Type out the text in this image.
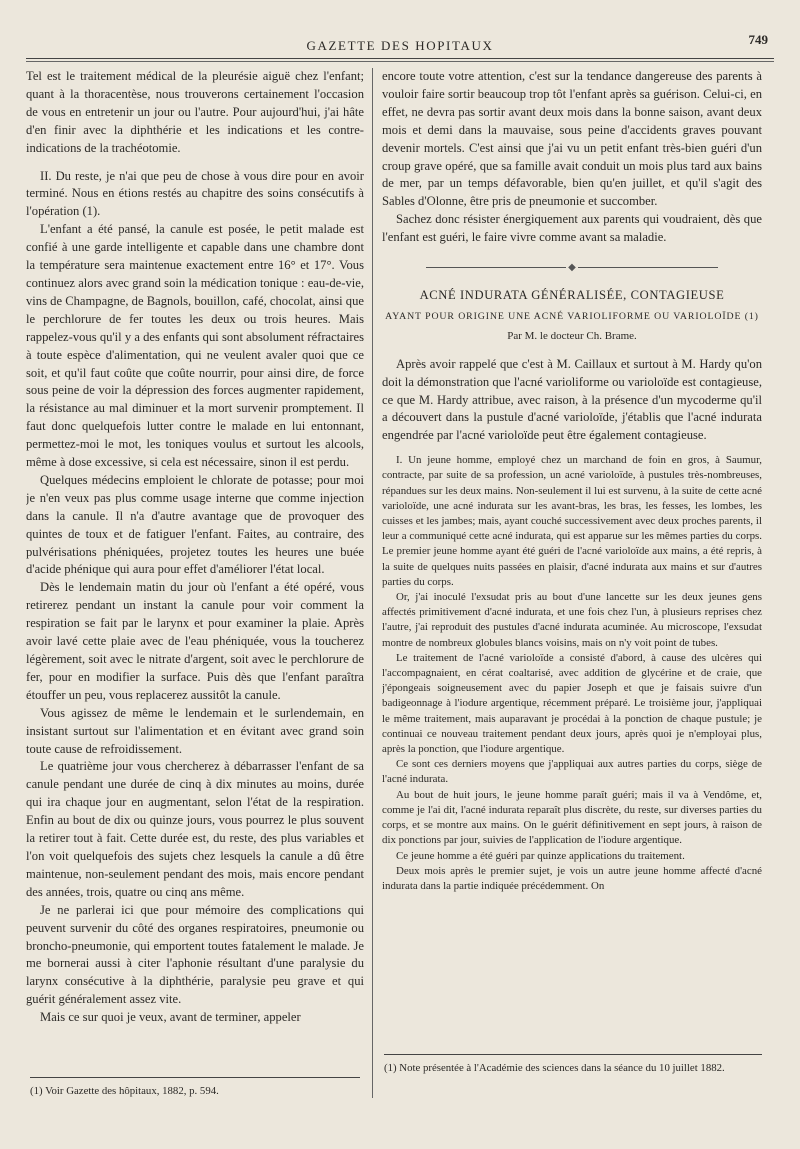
GAZETTE DES HOPITAUX	749

Tel est le traitement médical de la pleurésie aiguë chez l'enfant; quant à la thoracentèse, nous trouverons certainement l'occasion de vous en entretenir un jour ou l'autre. Pour aujourd'hui, j'ai hâte d'en finir avec la diphthérie et les indications et les contre-indications de la trachéotomie.

II. Du reste, je n'ai que peu de chose à vous dire pour en avoir terminé. Nous en étions restés au chapitre des soins consécutifs à l'opération (1).

L'enfant a été pansé, la canule est posée, le petit malade est confié à une garde intelligente et capable dans une chambre dont la température sera maintenue exactement entre 16° et 17°. Vous continuez alors avec grand soin la médication tonique : eau-de-vie, vins de Champagne, de Bagnols, bouillon, café, chocolat, ainsi que le perchlorure de fer toutes les deux ou trois heures. Mais rappelez-vous qu'il y a des enfants qui sont absolument réfractaires à toute espèce d'alimentation, qui ne veulent avaler quoi que ce soit, et qu'il faut coûte que coûte nourrir, pour ainsi dire, de force sous peine de voir la dépression des forces augmenter rapidement, la résistance au mal diminuer et la mort survenir promptement. Il faut donc quelquefois lutter contre le malade en lui entonnant, permettez-moi le mot, les toniques voulus et surtout les alcools, même à dose excessive, si cela est nécessaire, sinon il est perdu.

Quelques médecins emploient le chlorate de potasse; pour moi je n'en veux pas plus comme usage interne que comme injection dans la canule. Il n'a d'autre avantage que de provoquer des quintes de toux et de fatiguer l'enfant. Faites, au contraire, des pulvérisations phéniquées, projetez toutes les heures une buée d'acide phénique qui aura pour effet d'améliorer l'état local.

Dès le lendemain matin du jour où l'enfant a été opéré, vous retirerez pendant un instant la canule pour voir comment la respiration se fait par le larynx et pour examiner la plaie. Après avoir lavé cette plaie avec de l'eau phéniquée, vous la toucherez légèrement, soit avec le nitrate d'argent, soit avec le perchlorure de fer, pour en modifier la surface. Puis dès que l'enfant paraîtra étouffer un peu, vous replacerez aussitôt la canule.

Vous agissez de même le lendemain et le surlendemain, en insistant surtout sur l'alimentation et en évitant avec grand soin toute cause de refroidissement.

Le quatrième jour vous chercherez à débarrasser l'enfant de sa canule pendant une durée de cinq à dix minutes au moins, durée qui ira chaque jour en augmentant, selon l'état de la respiration. Enfin au bout de dix ou quinze jours, vous pourrez le plus souvent la retirer tout à fait. Cette durée est, du reste, des plus variables et l'on voit quelquefois des sujets chez lesquels la canule a dû être maintenue, non-seulement pendant des mois, mais encore pendant des années, trois, quatre ou cinq ans même.

Je ne parlerai ici que pour mémoire des complications qui peuvent survenir du côté des organes respiratoires, pneumonie ou broncho-pneumonie, qui emportent toutes fatalement le malade. Je me bornerai aussi à citer l'aphonie résultant d'une paralysie du larynx consécutive à la diphthérie, paralysie peu grave et qui guérit généralement assez vite.

Mais ce sur quoi je veux, avant de terminer, appeler

(1) Voir Gazette des hôpitaux, 1882, p. 594.

encore toute votre attention, c'est sur la tendance dangereuse des parents à vouloir faire sortir beaucoup trop tôt l'enfant après sa guérison. Celui-ci, en effet, ne devra pas sortir avant deux mois dans la bonne saison, avant deux mois et demi dans la mauvaise, sous peine d'accidents graves pouvant devenir mortels. C'est ainsi que j'ai vu un petit enfant très-bien guéri d'un croup grave opéré, que sa famille avait conduit un mois plus tard aux bains de mer, par un temps défavorable, bien qu'en juillet, et qu'il s'agit des Sables d'Olonne, être pris de pneumonie et succomber.

Sachez donc résister énergiquement aux parents qui voudraient, dès que l'enfant est guéri, le faire vivre comme avant sa maladie.

◆
ACNÉ INDURATA GÉNÉRALISÉE, CONTAGIEUSE
AYANT POUR ORIGINE UNE ACNÉ VARIOLIFORME OU VARIOLOÏDE (1)
Par M. le docteur Ch. Brame.

Après avoir rappelé que c'est à M. Caillaux et surtout à M. Hardy qu'on doit la démonstration que l'acné varioliforme ou varioloïde est contagieuse, ce que M. Hardy attribue, avec raison, à la présence d'un mycoderme qu'il a découvert dans la pustule d'acné varioloïde, j'établis que l'acné indurata engendrée par l'acné varioloïde peut être également contagieuse.

I. Un jeune homme, employé chez un marchand de foin en gros, à Saumur, contracte, par suite de sa profession, un acné varioloïde, à pustules très-nombreuses, répandues sur les deux mains. Non-seulement il lui est survenu, à la suite de cette acné varioloïde, une acné indurata sur les avant-bras, les bras, les fesses, les lombes, les cuisses et les jambes; mais, ayant couché successivement avec deux proches parents, il leur a communiqué cette acné indurata, qui est apparue sur les mêmes parties du corps. Le premier jeune homme ayant été guéri de l'acné varioloïde aux mains, a été repris, à la suite de quelques nuits passées en plaisir, d'acné indurata aux mains et sur d'autres parties du corps.

Or, j'ai inoculé l'exsudat pris au bout d'une lancette sur les deux jeunes gens affectés primitivement d'acné indurata, et une fois chez l'un, à plusieurs reprises chez l'autre, j'ai reproduit des pustules d'acné indurata acuminée. Au microscope, l'exsudat montre de nombreux globules blancs voisins, mais on n'y voit point de tubes.

Le traitement de l'acné varioloïde a consisté d'abord, à cause des ulcères qui l'accompagnaient, en cérat coaltarisé, avec addition de glycérine et de craie, que j'épongeais soigneusement avec du papier Joseph et que je faisais suivre d'un badigeonnage à l'iodure argentique, récemment préparé. Le troisième jour, j'appliquai le même traitement, mais auparavant je procédai à la ponction de chaque pustule; je continuai ce nouveau traitement pendant deux jours, après quoi je n'employai plus, après la ponction, que l'iodure argentique.

Ce sont ces derniers moyens que j'appliquai aux autres parties du corps, siège de l'acné indurata.

Au bout de huit jours, le jeune homme paraît guéri; mais il va à Vendôme, et, comme je l'ai dit, l'acné indurata reparaît plus discrète, du reste, sur diverses parties du corps, et se montre aux mains. On le guérit définitivement en sept jours, à raison de dix ponctions par jour, suivies de l'application de l'iodure argentique.

Ce jeune homme a été guéri par quinze applications du traitement.

Deux mois après le premier sujet, je vois un autre jeune homme affecté d'acné indurata dans la partie indiquée précédemment. On

(1) Note présentée à l'Académie des sciences dans la séance du 10 juillet 1882.
